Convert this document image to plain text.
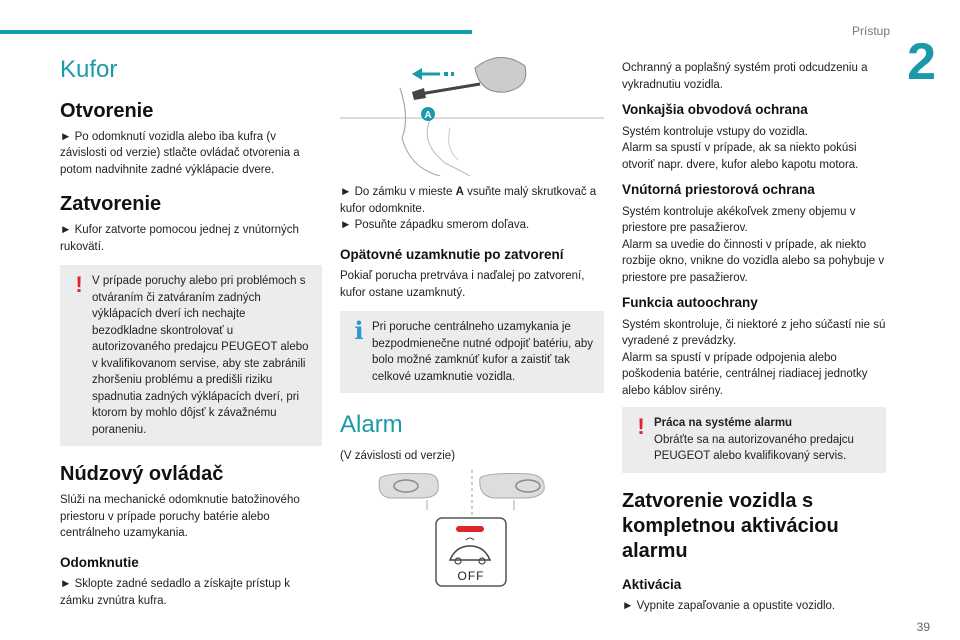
Prístup
2
39
Kufor
Otvorenie
► Po odomknutí vozidla alebo iba kufra (v závislosti od verzie) stlačte ovládač otvorenia a potom nadvihnite zadné výklápacie dvere.
Zatvorenie
► Kufor zatvorte pomocou jednej z vnútorných rukovätí.
! V prípade poruchy alebo pri problémoch s otváraním či zatváraním zadných výklápacích dverí ich nechajte bezodkladne skontrolovať u autorizovaného predajcu PEUGEOT alebo v kvalifikovanom servise, aby ste zabránili zhoršeniu problému a predišli riziku spadnutia zadných výklápacích dverí, pri ktorom by mohlo dôjsť k závažnému poraneniu.
Núdzový ovládač
Slúži na mechanické odomknutie batožinového priestoru v prípade poruchy batérie alebo centrálneho uzamykania.
Odomknutie
► Sklopte zadné sedadlo a získajte prístup k zámku zvnútra kufra.
A
► Do zámku v mieste A vsuňte malý skrutkovač a kufor odomknite.
► Posuňte západku smerom doľava.
Opätovné uzamknutie po zatvorení
Pokiaľ porucha pretrváva i naďalej po zatvorení, kufor ostane uzamknutý.
i Pri poruche centrálneho uzamykania je bezpodmienečne nutné odpojiť batériu, aby bolo možné zamknúť kufor a zaistiť tak celkové uzamknutie vozidla.
Alarm
(V závislosti od verzie)
OFF
Ochranný a poplašný systém proti odcudzeniu a vykradnutiu vozidla.
Vonkajšia obvodová ochrana
Systém kontroluje vstupy do vozidla.
Alarm sa spustí v prípade, ak sa niekto pokúsi otvoriť napr. dvere, kufor alebo kapotu motora.
Vnútorná priestorová ochrana
Systém kontroluje akékoľvek zmeny objemu v priestore pre pasažierov.
Alarm sa uvedie do činnosti v prípade, ak niekto rozbije okno, vnikne do vozidla alebo sa pohybuje v priestore pre pasažierov.
Funkcia autoochrany
Systém skontroluje, či niektoré z jeho súčastí nie sú vyradené z prevádzky.
Alarm sa spustí v prípade odpojenia alebo poškodenia batérie, centrálnej riadiacej jednotky alebo káblov sirény.
! Práca na systéme alarmu
Obráťte sa na autorizovaného predajcu PEUGEOT alebo kvalifikovaný servis.
Zatvorenie vozidla s kompletnou aktiváciou alarmu
Aktivácia
► Vypnite zapaľovanie a opustite vozidlo.
